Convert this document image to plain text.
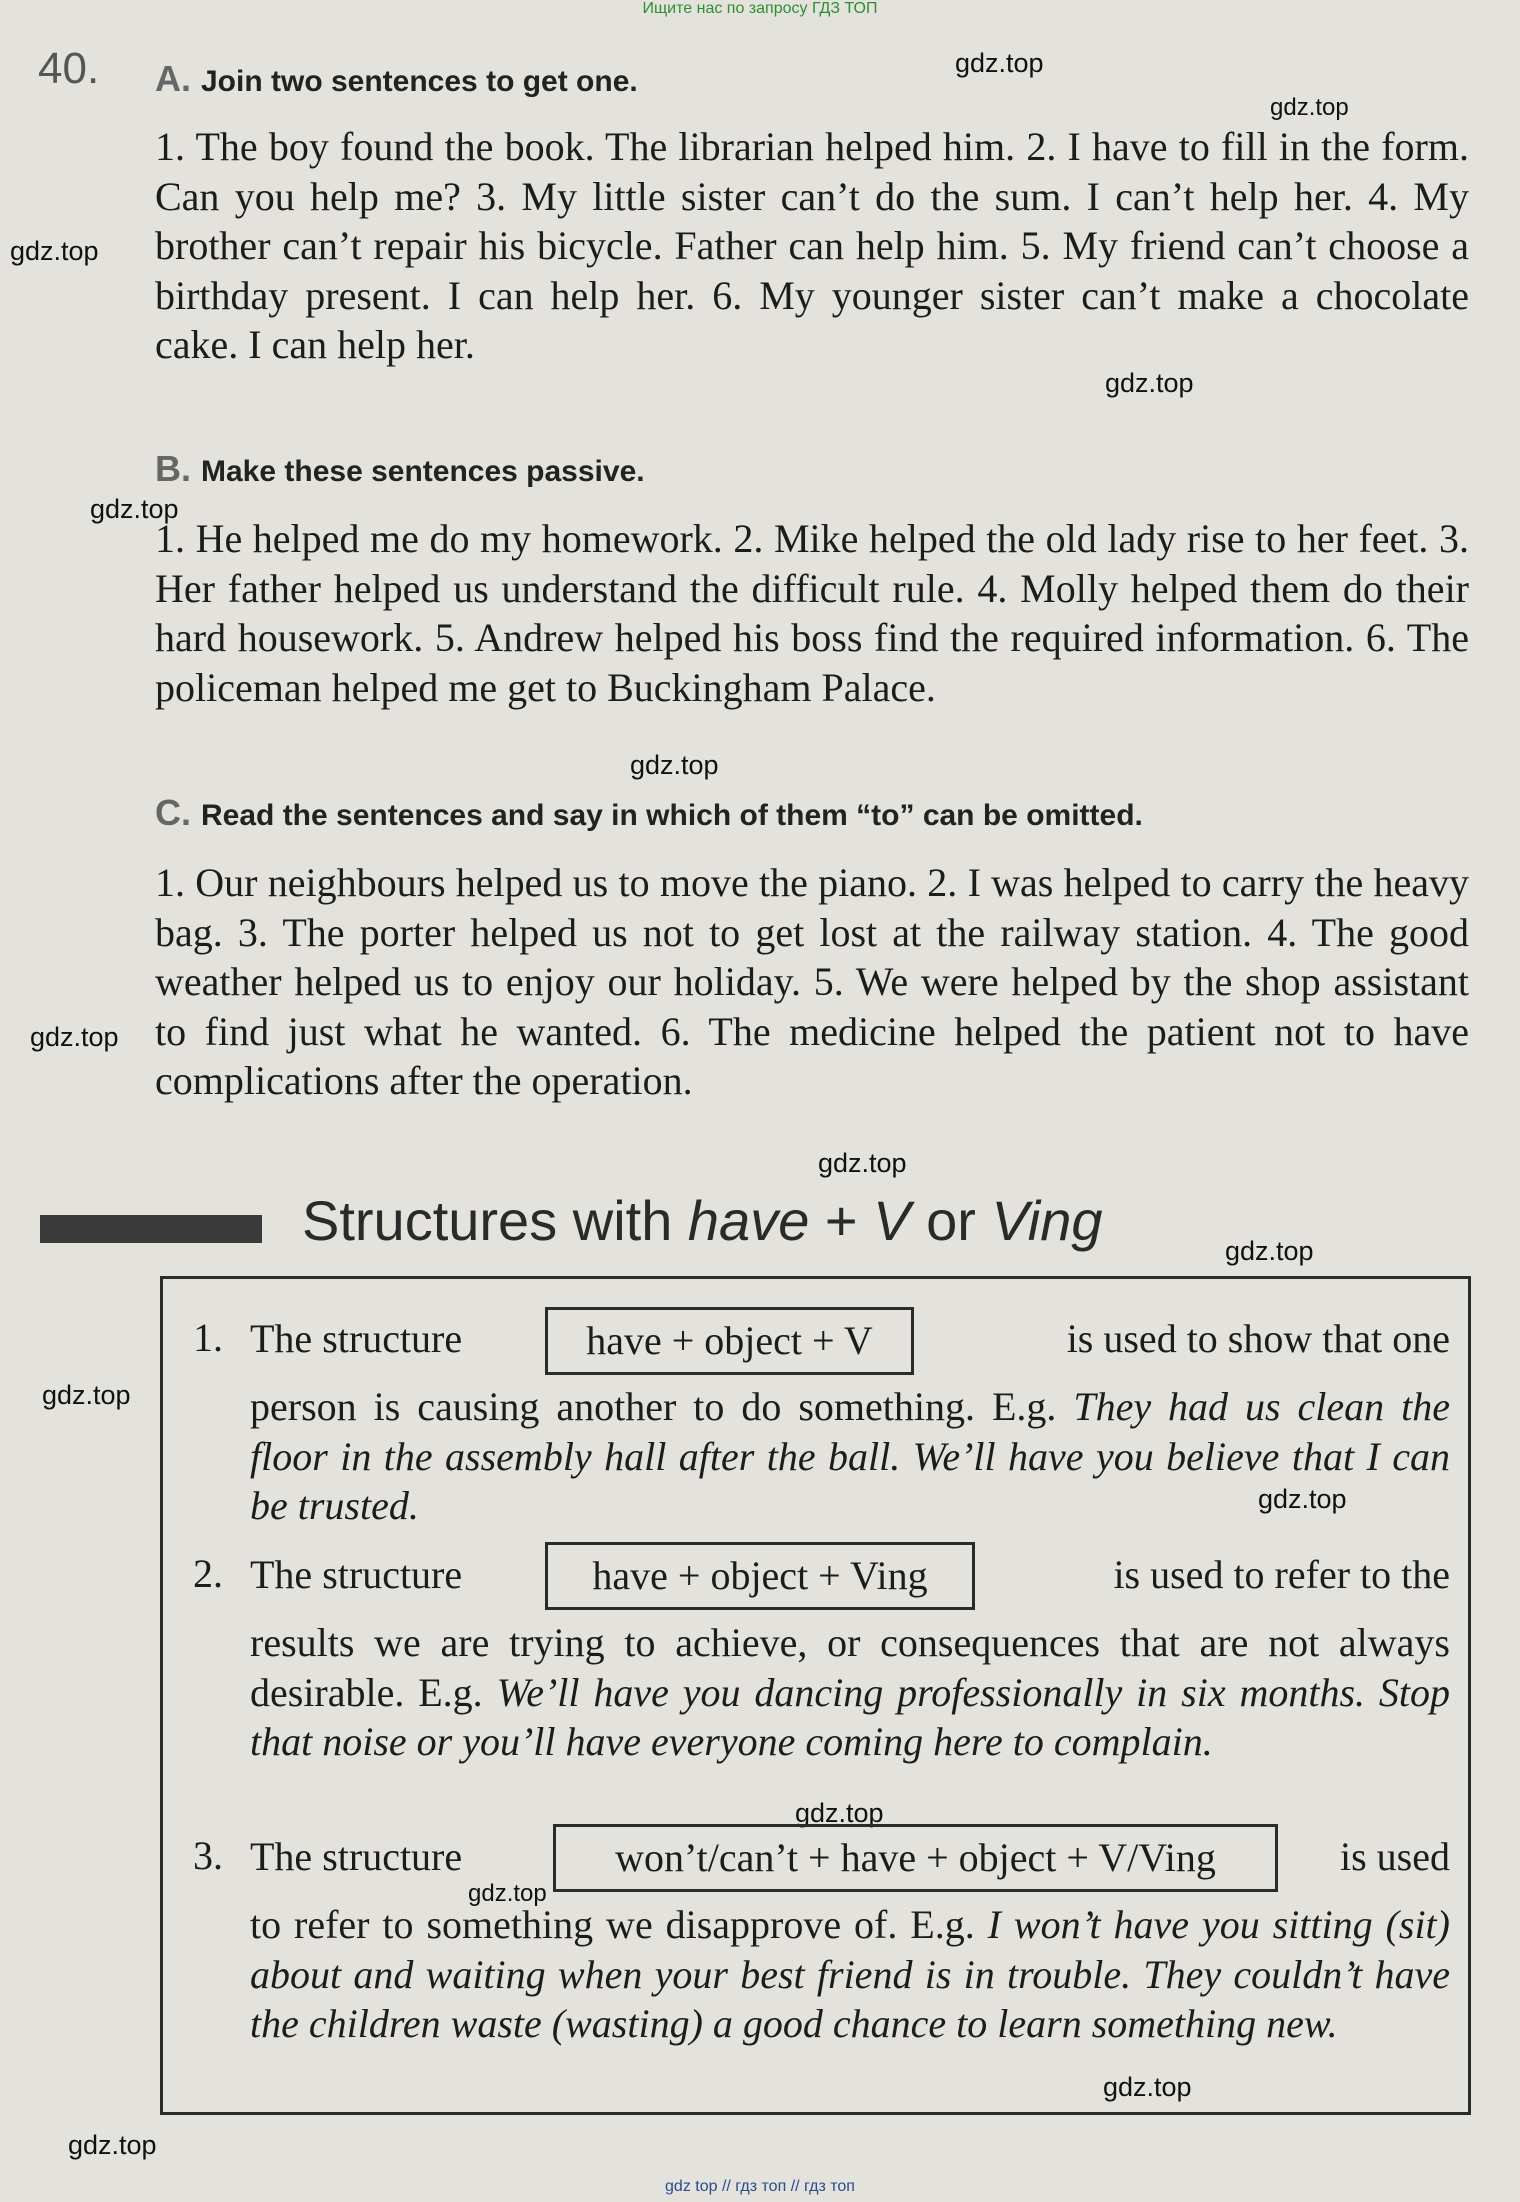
Ищите нас по запросу ГДЗ ТОП
gdz.top
gdz.top
gdz.top
gdz.top
gdz.top
gdz.top
gdz.top
gdz.top
gdz.top
gdz.top
gdz.top
gdz.top
gdz.top
gdz.top
gdz.top
40. A. Join two sentences to get one.
1. The boy found the book. The librarian helped him. 2. I have to fill in the form. Can you help me? 3. My little sister can’t do the sum. I can’t help her. 4. My brother can’t repair his bicycle. Father can help him. 5. My friend can’t choose a birthday present. I can help her. 6. My younger sister can’t make a chocolate cake. I can help her.
B. Make these sentences passive.
1. He helped me do my homework. 2. Mike helped the old lady rise to her feet. 3. Her father helped us understand the difficult rule. 4. Molly helped them do their hard housework. 5. Andrew helped his boss find the required information. 6. The policeman helped me get to Buckingham Palace.
C. Read the sentences and say in which of them “to” can be omitted.
1. Our neighbours helped us to move the piano. 2. I was helped to carry the heavy bag. 3. The porter helped us not to get lost at the railway station. 4. The good weather helped us to enjoy our holiday. 5. We were helped by the shop assistant to find just what he wanted. 6. The medicine helped the patient not to have complications after the operation.
Structures with have + V or Ving
1. The structure	have + object + V	is used to show that one
person is causing another to do something. E.g. They had us clean the floor in the assembly hall after the ball. We’ll have you believe that I can be trusted.
2. The structure	have + object + Ving	is used to refer to the
results we are trying to achieve, or consequences that are not always desirable. E.g. We’ll have you dancing professionally in six months. Stop that noise or you’ll have everyone coming here to complain.
3. The structure	won’t/can’t + have + object + V/Ving	is used
to refer to something we disapprove of. E.g. I won’t have you sitting (sit) about and waiting when your best friend is in trouble. They couldn’t have the children waste (wasting) a good chance to learn something new.
gdz top // гдз топ // гдз топ
